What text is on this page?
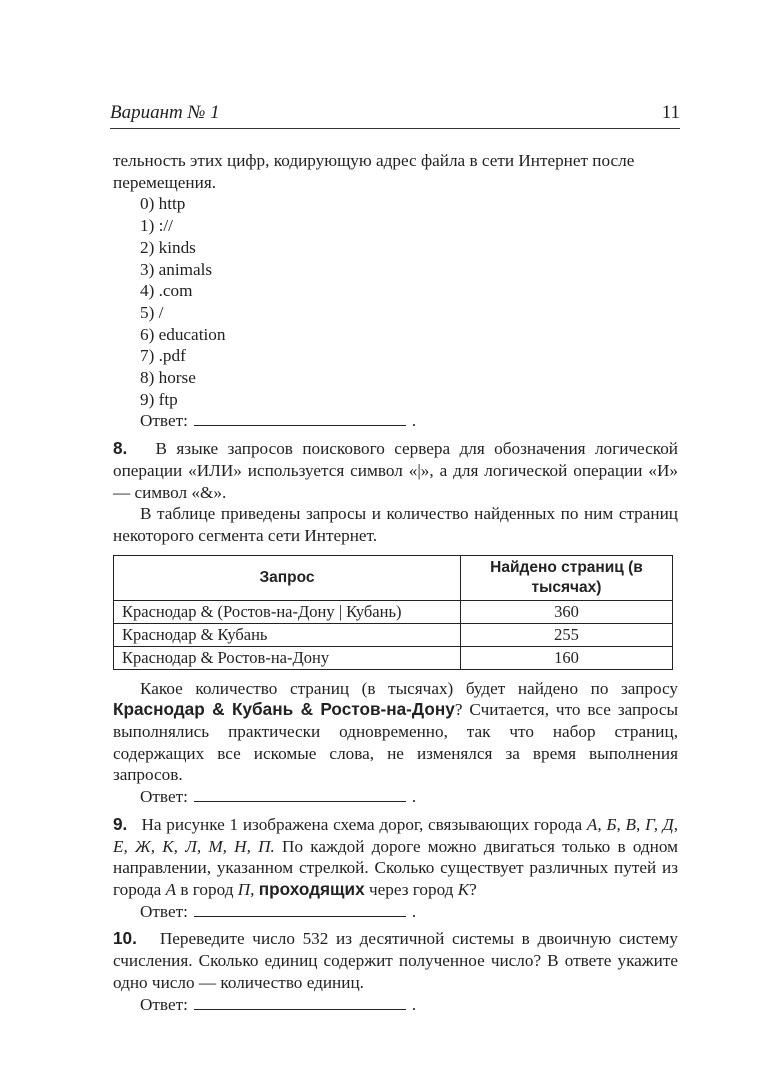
Вариант № 1	11

тельность этих цифр, кодирующую адрес файла в сети Интернет после

перемещения.

0) http
1) ://
2) kinds
3) animals
4) .com
5) /
6) education
7) .pdf
8) horse
9) ftp
Ответ:	.

8. В языке запросов поискового сервера для обозначения логической операции «ИЛИ» используется символ «|», а для логической операции «И» — символ «&».

В таблице приведены запросы и количество найденных по ним страниц некоторого сегмента сети Интернет.

Запрос	Найдено страниц (в тысячах)
Краснодар & (Ростов-на-Дону | Кубань)	360
Краснодар & Кубань	255
Краснодар & Ростов-на-Дону	160

Какое количество страниц (в тысячах) будет найдено по запросу Краснодар & Кубань & Ростов-на-Дону? Считается, что все запросы выполнялись практически одновременно, так что набор страниц, содержащих все искомые слова, не изменялся за время выполнения запросов.

Ответ:	.

9. На рисунке 1 изображена схема дорог, связывающих города А, Б, В, Г, Д, Е, Ж, К, Л, М, Н, П. По каждой дороге можно двигаться только в одном направлении, указанном стрелкой. Сколько существует различных путей из города А в город П, проходящих через город К?

Ответ:	.

10. Переведите число 532 из десятичной системы в двоичную систему счисления. Сколько единиц содержит полученное число? В ответе укажите одно число — количество единиц.

Ответ:	.
